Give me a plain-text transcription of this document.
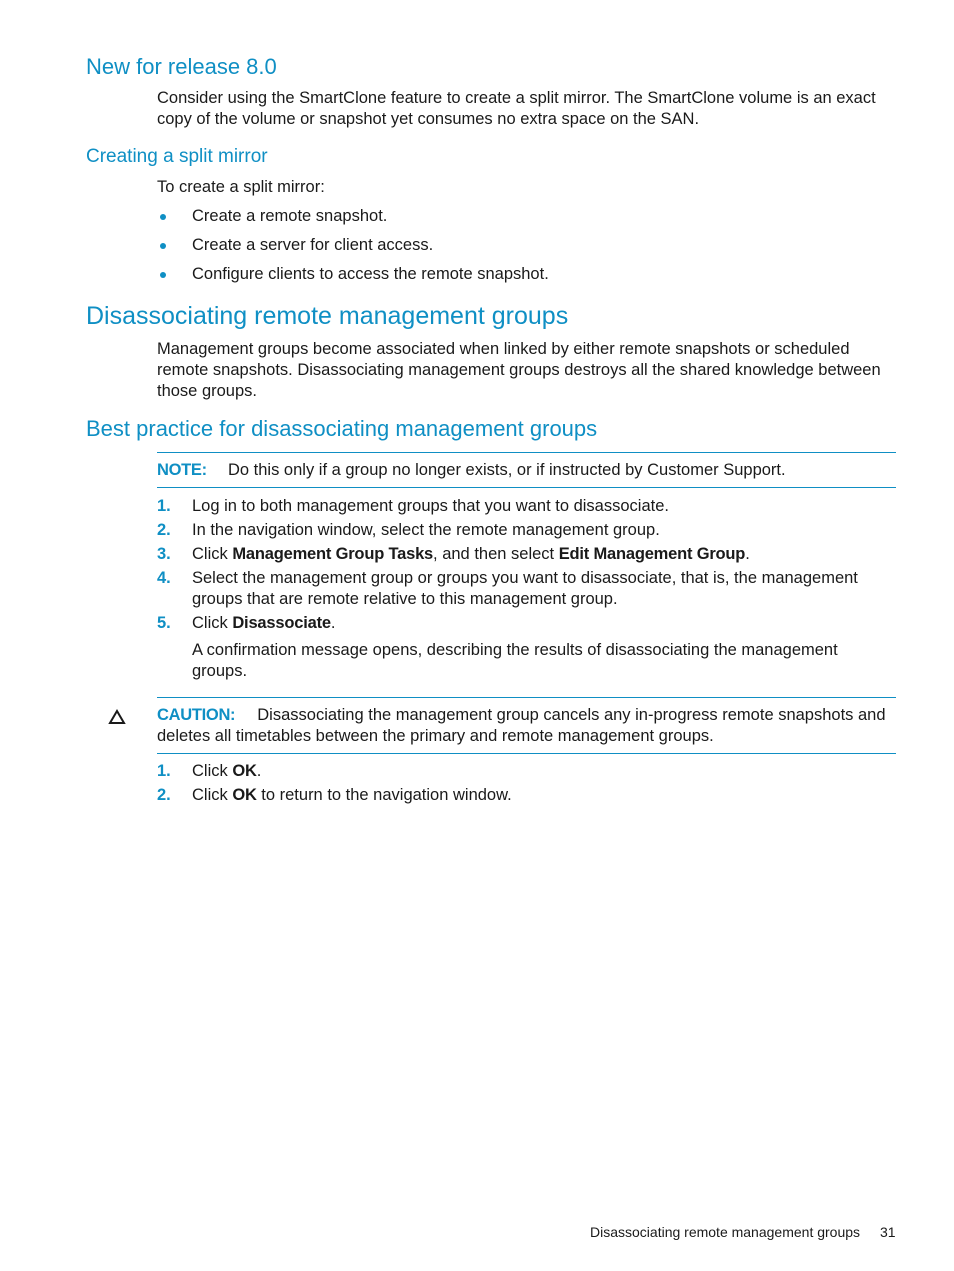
New for release 8.0

Consider using the SmartClone feature to create a split mirror. The SmartClone volume is an exact copy of the volume or snapshot yet consumes no extra space on the SAN.

Creating a split mirror

To create a split mirror:

Create a remote snapshot.
Create a server for client access.
Configure clients to access the remote snapshot.
Disassociating remote management groups

Management groups become associated when linked by either remote snapshots or scheduled remote snapshots. Disassociating management groups destroys all the shared knowledge between those groups.

Best practice for disassociating management groups
NOTE: Do this only if a group no longer exists, or if instructed by Customer Support.
1. Log in to both management groups that you want to disassociate.
2. In the navigation window, select the remote management group.
3. Click Management Group Tasks, and then select Edit Management Group.
4. Select the management group or groups you want to disassociate, that is, the management groups that are remote relative to this management group.
5. Click Disassociate.
A confirmation message opens, describing the results of disassociating the management groups.
CAUTION: Disassociating the management group cancels any in-progress remote snapshots and deletes all timetables between the primary and remote management groups.
1. Click OK.
2. Click OK to return to the navigation window.
Disassociating remote management groups 31
